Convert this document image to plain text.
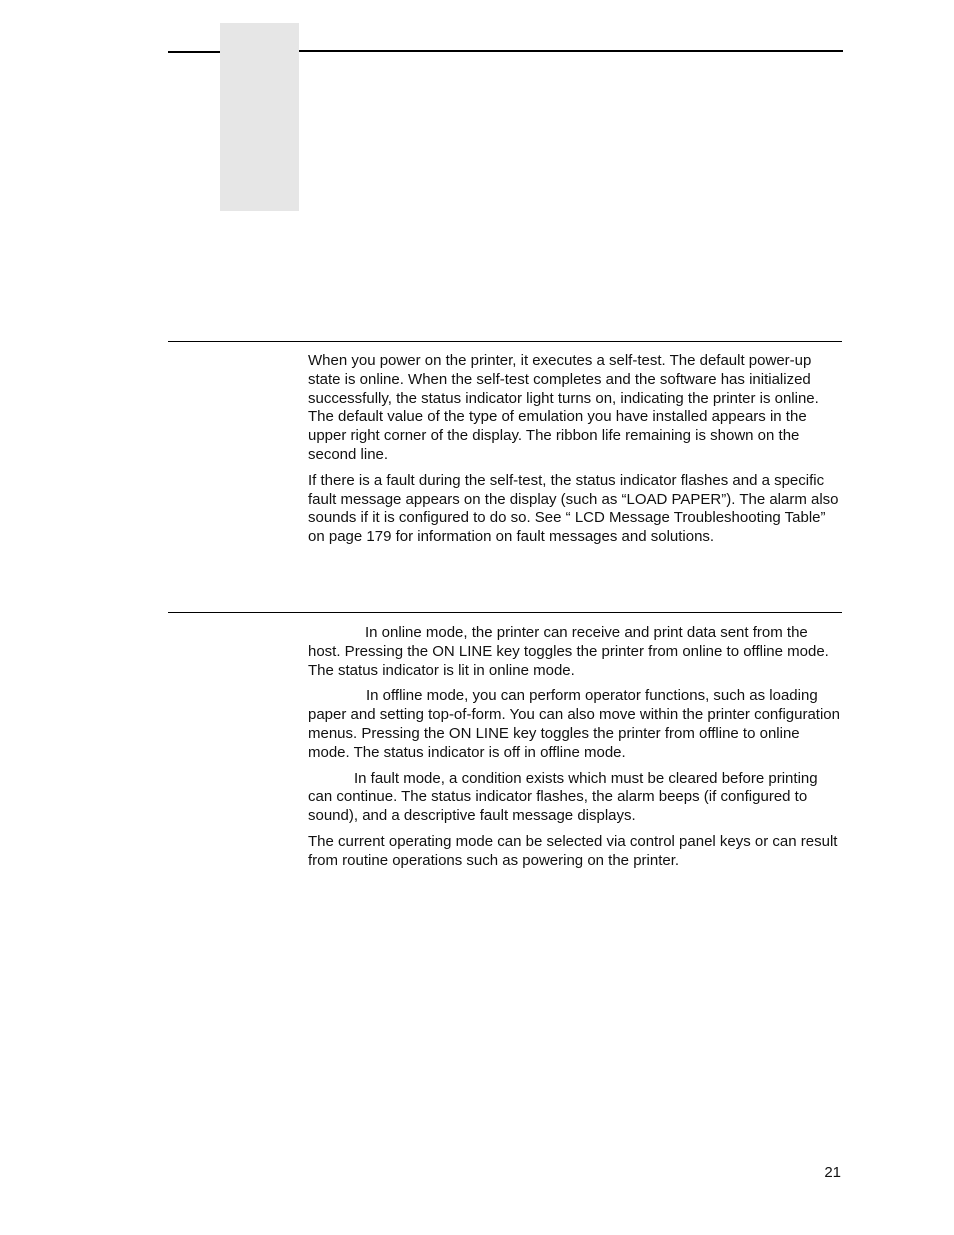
When you power on the printer, it executes a self-test. The default power-up state is online. When the self-test completes and the software has initialized successfully, the status indicator light turns on, indicating the printer is online. The default value of the type of emulation you have installed appears in the upper right corner of the display. The ribbon life remaining is shown on the second line.

If there is a fault during the self-test, the status indicator flashes and a specific fault message appears on the display (such as “LOAD PAPER”). The alarm also sounds if it is configured to do so. See “ LCD Message Troubleshooting Table” on page 179 for information on fault messages and solutions.

In online mode, the printer can receive and print data sent from the host. Pressing the ON LINE key toggles the printer from online to offline mode. The status indicator is lit in online mode.

In offline mode, you can perform operator functions, such as loading paper and setting top-of-form. You can also move within the printer configuration menus. Pressing the ON LINE key toggles the printer from offline to online mode. The status indicator is off in offline mode.

In fault mode, a condition exists which must be cleared before printing can continue. The status indicator flashes, the alarm beeps (if configured to sound), and a descriptive fault message displays.

The current operating mode can be selected via control panel keys or can result from routine operations such as powering on the printer.

21
